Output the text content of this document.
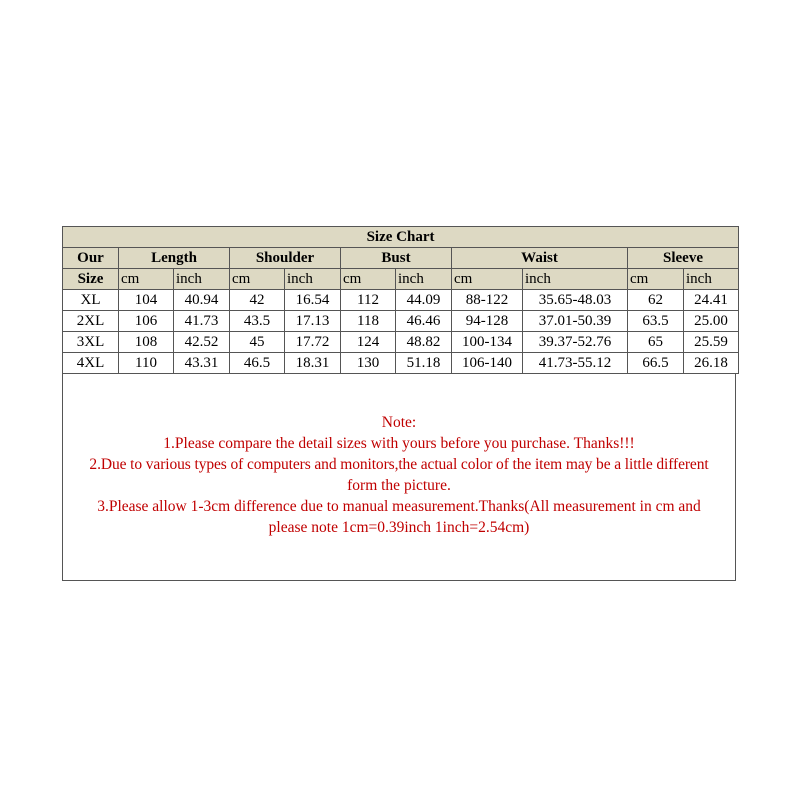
Size Chart										
Our	Length		Shoulder		Bust		Waist		Sleeve	
Size	cm	inch	cm	inch	cm	inch	cm	inch	cm	inch
XL	104	40.94	42	16.54	112	44.09	88-122	35.65-48.03	62	24.41
2XL	106	41.73	43.5	17.13	118	46.46	94-128	37.01-50.39	63.5	25.00
3XL	108	42.52	45	17.72	124	48.82	100-134	39.37-52.76	65	25.59
4XL	110	43.31	46.5	18.31	130	51.18	106-140	41.73-55.12	66.5	26.18
Note:
1.Please compare the detail sizes with yours before you purchase. Thanks!!!
2.Due to various types of computers and monitors,the actual color of the item may be a little different
form the picture.
3.Please allow 1-3cm difference due to manual measurement.Thanks(All measurement in cm and
please note 1cm=0.39inch 1inch=2.54cm)
